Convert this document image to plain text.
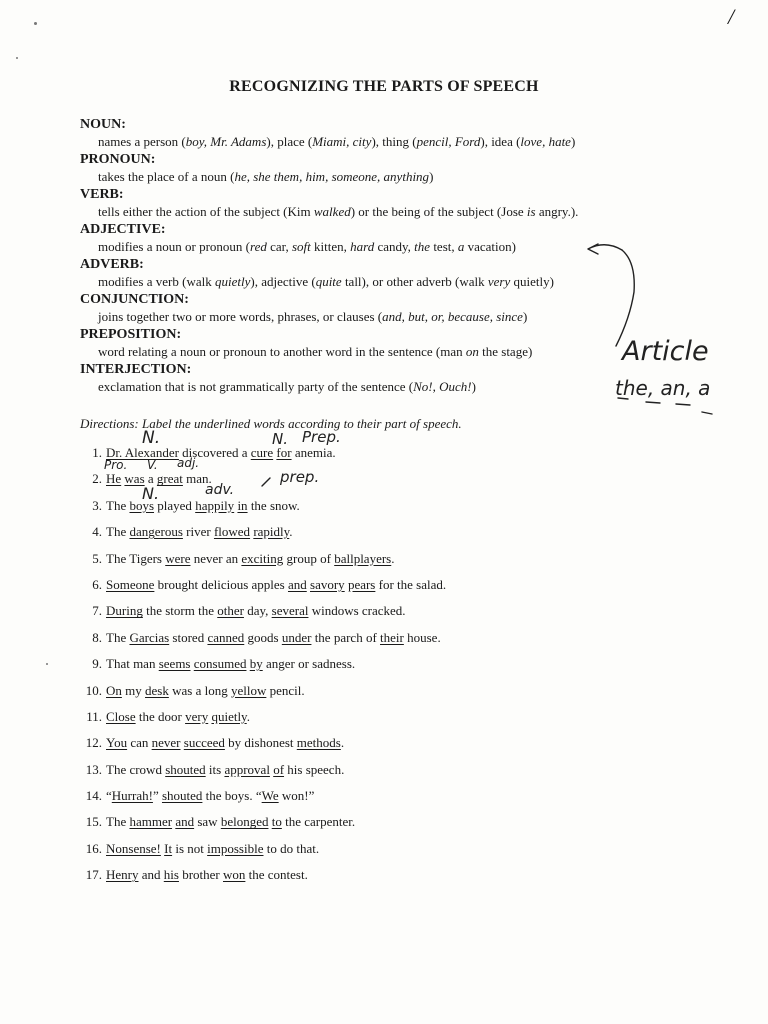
/
RECOGNIZING THE PARTS OF SPEECH
NOUN:
names a person (boy, Mr. Adams), place (Miami, city), thing (pencil, Ford), idea (love, hate)
PRONOUN:
takes the place of a noun (he, she them, him, someone, anything)
VERB:
tells either the action of the subject (Kim walked) or the being of the subject (Jose is angry.).
ADJECTIVE:
modifies a noun or pronoun (red car, soft kitten, hard candy, the test, a vacation)
ADVERB:
modifies a verb (walk quietly), adjective (quite tall), or other adverb (walk very quietly)
CONJUNCTION:
joins together two or more words, phrases, or clauses (and, but, or, because, since)
PREPOSITION:
word relating a noun or pronoun to another word in the sentence (man on the stage)
INTERJECTION:
exclamation that is not grammatically party of the sentence (No!, Ouch!)
Directions: Label the underlined words according to their part of speech.
1. Dr. Alexander discovered a cure for anemia.
2. He was a great man.
3. The boys played happily in the snow.
4. The dangerous river flowed rapidly.
5. The Tigers were never an exciting group of ballplayers.
6. Someone brought delicious apples and savory pears for the salad.
7. During the storm the other day, several windows cracked.
8. The Garcias stored canned goods under the parch of their house.
9. That man seems consumed by anger or sadness.
10. On my desk was a long yellow pencil.
11. Close the door very quietly.
12. You can never succeed by dishonest methods.
13. The crowd shouted its approval of his speech.
14. “Hurrah!” shouted the boys. “We won!”
15. The hammer and saw belonged to the carpenter.
16. Nonsense! It is not impossible to do that.
17. Henry and his brother won the contest.
Article
the, an, a
N.	N. Prep.
Pro. V. adj.
prep.
N.	adv.
